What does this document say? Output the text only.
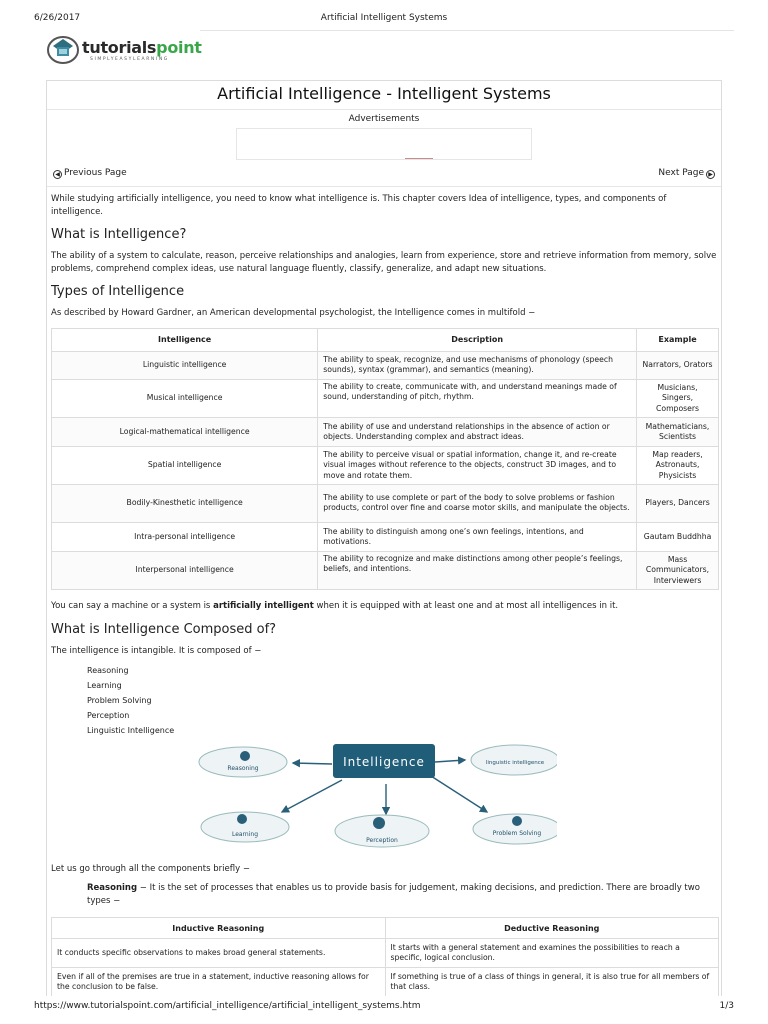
6/26/2017	Artificial Intelligent Systems
tutorialspoint
SIMPLYEASYLEARNING
Artificial Intelligence - Intelligent Systems
Advertisements
◀ Previous Page	Next Page ▶

While studying artificially intelligence, you need to know what intelligence is. This chapter covers Idea of intelligence, types, and components of intelligence.

What is Intelligence?

The ability of a system to calculate, reason, perceive relationships and analogies, learn from experience, store and retrieve information from memory, solve problems, comprehend complex ideas, use natural language fluently, classify, generalize, and adapt new situations.

Types of Intelligence

As described by Howard Gardner, an American developmental psychologist, the Intelligence comes in multifold −

Intelligence	Description	Example
Linguistic intelligence	The ability to speak, recognize, and use mechanisms of phonology (speech sounds), syntax (grammar), and semantics (meaning).	Narrators, Orators
Musical intelligence	The ability to create, communicate with, and understand meanings made of sound, understanding of pitch, rhythm.	Musicians, Singers, Composers
Logical-mathematical intelligence	The ability of use and understand relationships in the absence of action or objects. Understanding complex and abstract ideas.	Mathematicians, Scientists
Spatial intelligence	The ability to perceive visual or spatial information, change it, and re-create visual images without reference to the objects, construct 3D images, and to move and rotate them.	Map readers, Astronauts, Physicists
Bodily-Kinesthetic intelligence	The ability to use complete or part of the body to solve problems or fashion products, control over fine and coarse motor skills, and manipulate the objects.	Players, Dancers
Intra-personal intelligence	The ability to distinguish among one’s own feelings, intentions, and motivations.	Gautam Buddhha
Interpersonal intelligence	The ability to recognize and make distinctions among other people’s feelings, beliefs, and intentions.	Mass Communicators, Interviewers

You can say a machine or a system is artificially intelligent when it is equipped with at least one and at most all intelligences in it.

What is Intelligence Composed of?

The intelligence is intangible. It is composed of −

Reasoning
Learning
Problem Solving
Perception
Linguistic Intelligence
Intelligence
Reasoning
linguistic intelligence
Learning
Perception
Problem Solving

Let us go through all the components briefly −

Reasoning − It is the set of processes that enables us to provide basis for judgement, making decisions, and prediction. There are broadly two types −

Inductive Reasoning	Deductive Reasoning
It conducts specific observations to makes broad general statements.	It starts with a general statement and examines the possibilities to reach a specific, logical conclusion.
Even if all of the premises are true in a statement, inductive reasoning allows for the conclusion to be false.	If something is true of a class of things in general, it is also true for all members of that class.
https://www.tutorialspoint.com/artificial_intelligence/artificial_intelligent_systems.htm	1/3
